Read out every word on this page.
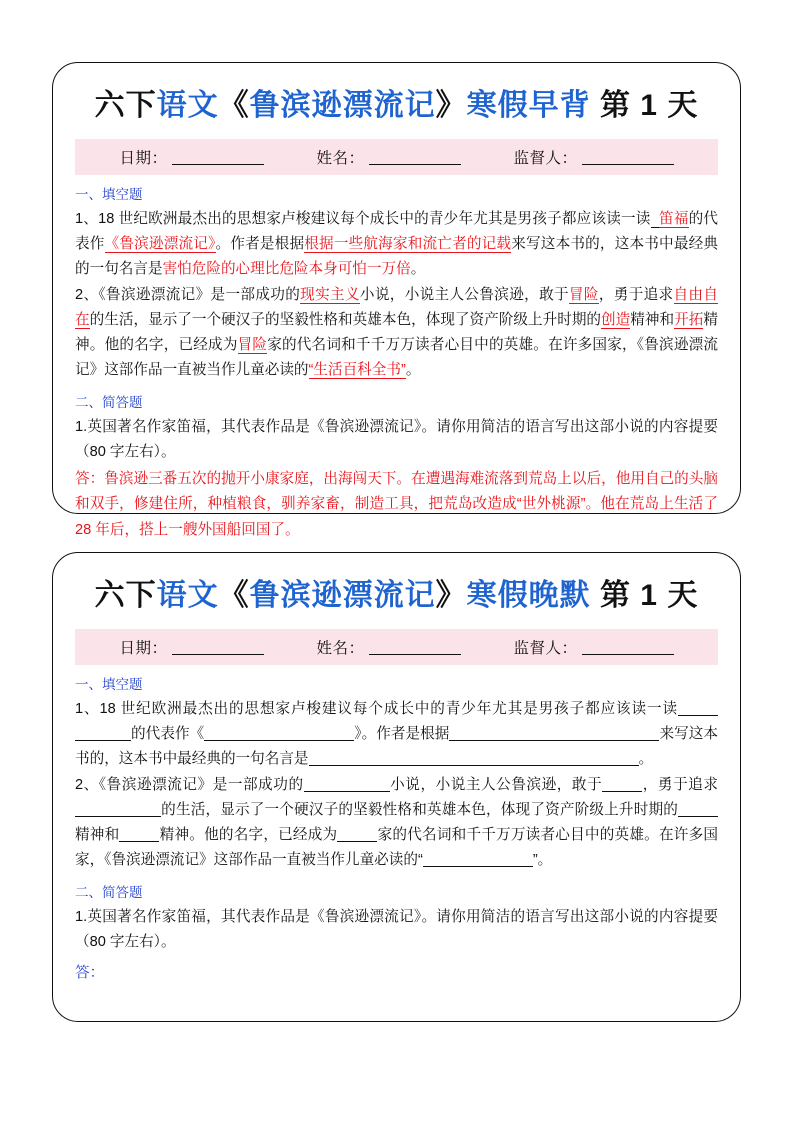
六下语文《鲁滨逊漂流记》寒假早背 第 1 天
日期：	姓名：	监督人：
一、填空题

1、18 世纪欧洲最杰出的思想家卢梭建议每个成长中的青少年尤其是男孩子都应该读一读 笛福的代表作《鲁滨逊漂流记》。作者是根据根据一些航海家和流亡者的记载来写这本书的，这本书中最经典的一句名言是害怕危险的心理比危险本身可怕一万倍。

2、《鲁滨逊漂流记》是一部成功的现实主义小说，小说主人公鲁滨逊，敢于冒险，勇于追求自由自在的生活，显示了一个硬汉子的坚毅性格和英雄本色，体现了资产阶级上升时期的创造精神和开拓精神。他的名字，已经成为冒险家的代名词和千千万万读者心目中的英雄。在许多国家，《鲁滨逊漂流记》这部作品一直被当作儿童必读的“生活百科全书”。

二、简答题

1.英国著名作家笛福，其代表作品是《鲁滨逊漂流记》。请你用简洁的语言写出这部小说的内容提要（80 字左右）。

答：鲁滨逊三番五次的抛开小康家庭，出海闯天下。在遭遇海难流落到荒岛上以后，他用自己的头脑和双手，修建住所，种植粮食，驯养家畜，制造工具，把荒岛改造成“世外桃源”。他在荒岛上生活了 28 年后，搭上一艘外国船回国了。
六下语文《鲁滨逊漂流记》寒假晚默 第 1 天
日期：	姓名：	监督人：
一、填空题

1、18 世纪欧洲最杰出的思想家卢梭建议每个成长中的青少年尤其是男孩子都应该读一读的代表作《	》。作者是根据	来写这本书的，这本书中最经典的一句名言是	。

2、《鲁滨逊漂流记》是一部成功的	小说，小说主人公鲁滨逊，敢于	，勇于追求的生活，显示了一个硬汉子的坚毅性格和英雄本色，体现了资产阶级上升时期的精神和	精神。他的名字，已经成为	家的代名词和千千万万读者心目中的英雄。在许多国家，《鲁滨逊漂流记》这部作品一直被当作儿童必读的“	”。

二、简答题

1.英国著名作家笛福，其代表作品是《鲁滨逊漂流记》。请你用简洁的语言写出这部小说的内容提要（80 字左右）。

答：
